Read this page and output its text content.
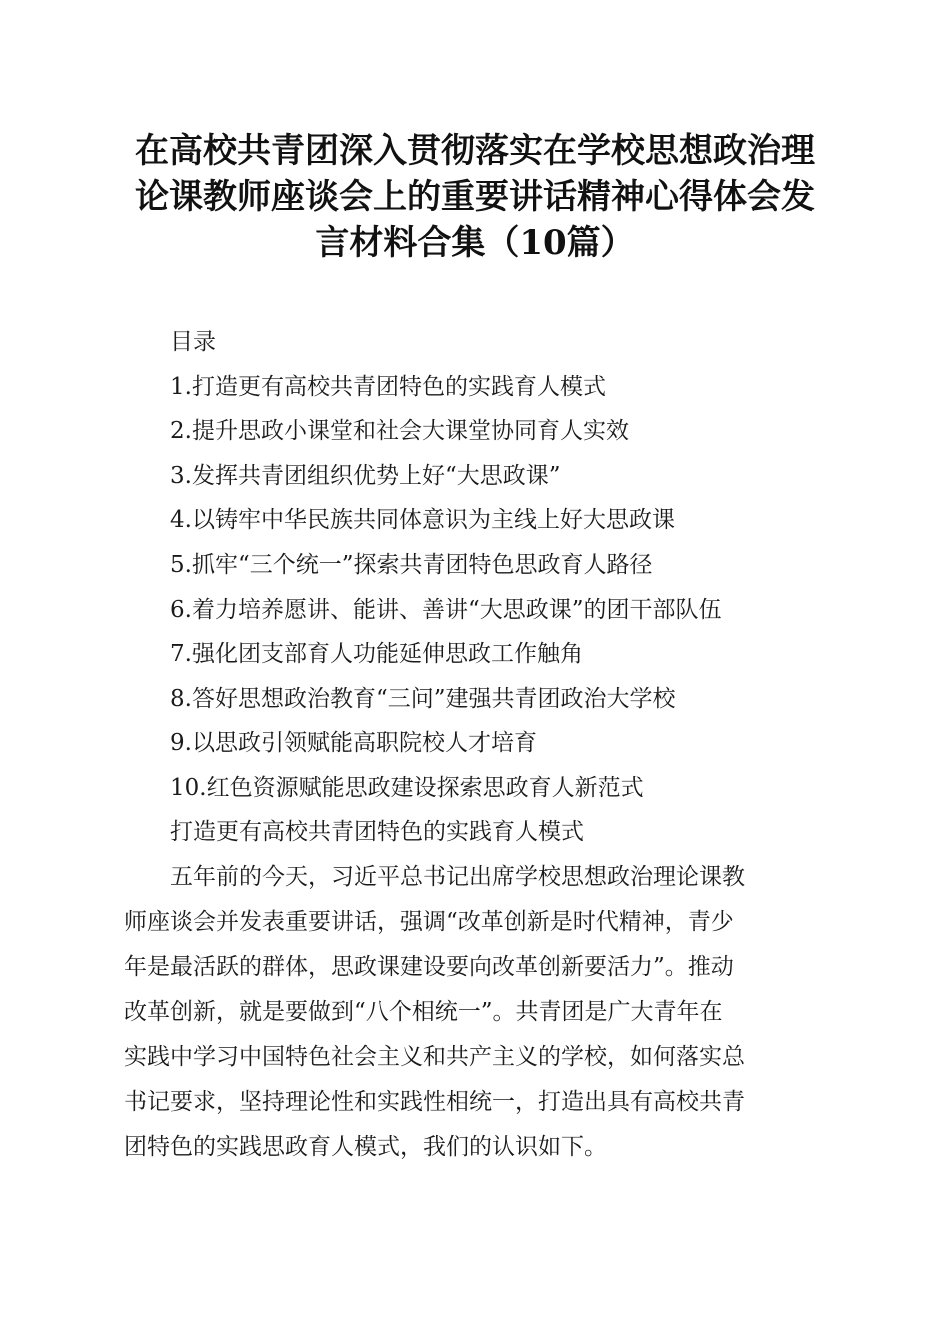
在高校共青团深入贯彻落实在学校思想政治理
论课教师座谈会上的重要讲话精神心得体会发
言材料合集（10篇）
目录
1.打造更有高校共青团特色的实践育人模式
2.提升思政小课堂和社会大课堂协同育人实效
3.发挥共青团组织优势上好“大思政课”
4.以铸牢中华民族共同体意识为主线上好大思政课
5.抓牢“三个统一”探索共青团特色思政育人路径
6.着力培养愿讲、能讲、善讲“大思政课”的团干部队伍
7.强化团支部育人功能延伸思政工作触角
8.答好思想政治教育“三问”建强共青团政治大学校
9.以思政引领赋能高职院校人才培育
10.红色资源赋能思政建设探索思政育人新范式
打造更有高校共青团特色的实践育人模式
　　五年前的今天，习近平总书记出席学校思想政治理论课教
师座谈会并发表重要讲话，强调“改革创新是时代精神，青少
年是最活跃的群体，思政课建设要向改革创新要活力”。推动
改革创新，就是要做到“八个相统一”。共青团是广大青年在
实践中学习中国特色社会主义和共产主义的学校，如何落实总
书记要求，坚持理论性和实践性相统一，打造出具有高校共青
团特色的实践思政育人模式，我们的认识如下。
